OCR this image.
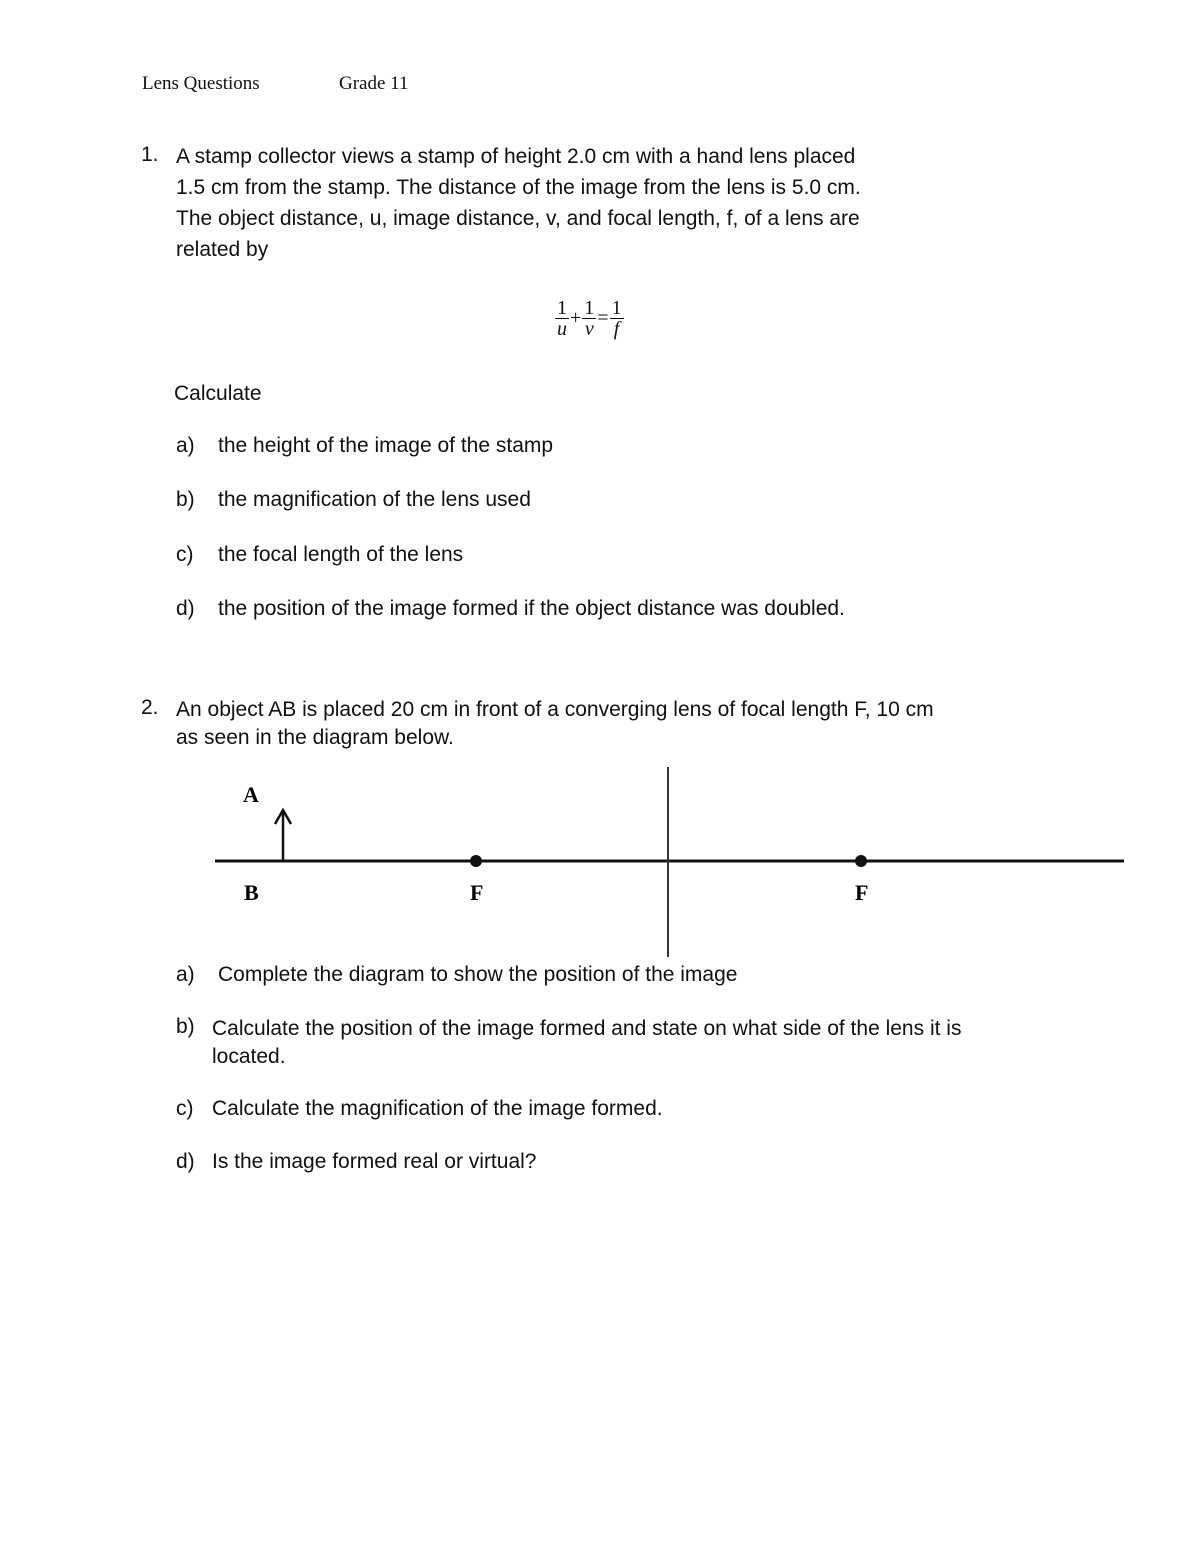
Lens Questions	Grade 11
1. A stamp collector views a stamp of height 2.0 cm with a hand lens placed
1.5 cm from the stamp. The distance of the image from the lens is 5.0 cm.
The object distance, u, image distance, v, and focal length, f, of a lens are
related by
$\frac{1}{u} + \frac{1}{v} = \frac{1}{f}$
Calculate
a) the height of the image of the stamp
b) the magnification of the lens used
c) the focal length of the lens
d) the position of the image formed if the object distance was doubled.
2. An object AB is placed 20 cm in front of a converging lens of focal length F, 10 cm
as seen in the diagram below.
A
B	F	F
a) Complete the diagram to show the position of the image
b) Calculate the position of the image formed and state on what side of the lens it is
located.
c) Calculate the magnification of the image formed.
d) Is the image formed real or virtual?
